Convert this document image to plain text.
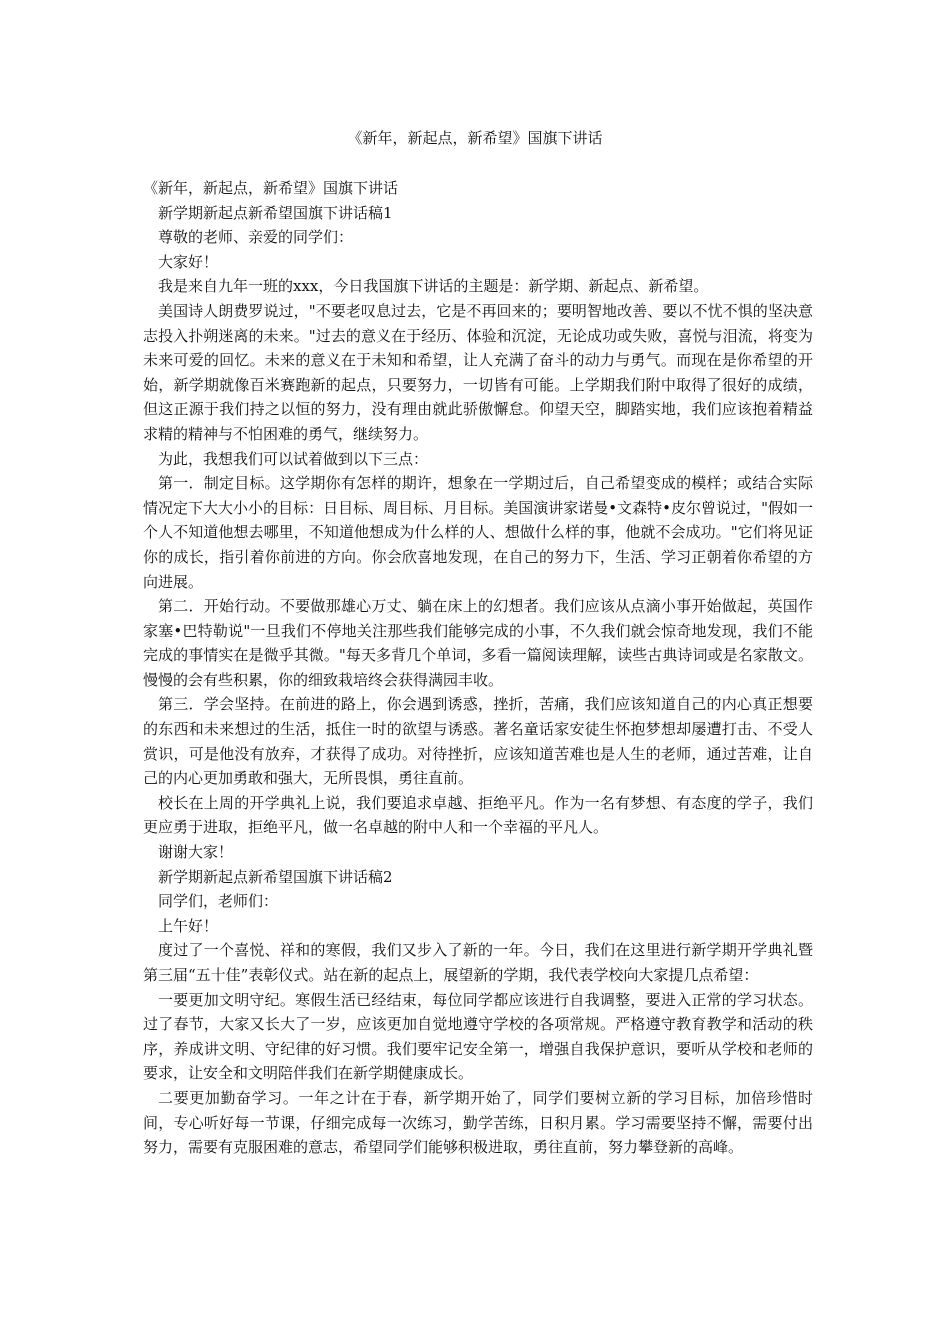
《新年，新起点，新希望》国旗下讲话

《新年，新起点，新希望》国旗下讲话

新学期新起点新希望国旗下讲话稿1

尊敬的老师、亲爱的同学们：

大家好！

我是来自九年一班的xxx，今日我国旗下讲话的主题是：新学期、新起点、新希望。

美国诗人朗费罗说过，"不要老叹息过去，它是不再回来的；要明智地改善、要以不忧不惧的坚决意志投入扑朔迷离的未来。"过去的意义在于经历、体验和沉淀，无论成功或失败，喜悦与泪流，将变为未来可爱的回忆。未来的意义在于未知和希望，让人充满了奋斗的动力与勇气。而现在是你希望的开始，新学期就像百米赛跑新的起点，只要努力，一切皆有可能。上学期我们附中取得了很好的成绩，但这正源于我们持之以恒的努力，没有理由就此骄傲懈怠。仰望天空，脚踏实地，我们应该抱着精益求精的精神与不怕困难的勇气，继续努力。

为此，我想我们可以试着做到以下三点：

第一．制定目标。这学期你有怎样的期许，想象在一学期过后，自己希望变成的模样；或结合实际情况定下大大小小的目标：日目标、周目标、月目标。美国演讲家诺曼•文森特•皮尔曾说过，"假如一个人不知道他想去哪里，不知道他想成为什么样的人、想做什么样的事，他就不会成功。"它们将见证你的成长，指引着你前进的方向。你会欣喜地发现，在自己的努力下，生活、学习正朝着你希望的方向进展。

第二．开始行动。不要做那雄心万丈、躺在床上的幻想者。我们应该从点滴小事开始做起，英国作家塞•巴特勒说"一旦我们不停地关注那些我们能够完成的小事，不久我们就会惊奇地发现，我们不能完成的事情实在是微乎其微。"每天多背几个单词，多看一篇阅读理解，读些古典诗词或是名家散文。慢慢的会有些积累，你的细致栽培终会获得满园丰收。

第三．学会坚持。在前进的路上，你会遇到诱惑，挫折，苦痛，我们应该知道自己的内心真正想要的东西和未来想过的生活，抵住一时的欲望与诱惑。著名童话家安徒生怀抱梦想却屡遭打击、不受人赏识，可是他没有放弃，才获得了成功。对待挫折，应该知道苦难也是人生的老师，通过苦难，让自己的内心更加勇敢和强大，无所畏惧，勇往直前。

校长在上周的开学典礼上说，我们要追求卓越、拒绝平凡。作为一名有梦想、有态度的学子，我们更应勇于进取，拒绝平凡，做一名卓越的附中人和一个幸福的平凡人。

谢谢大家！

新学期新起点新希望国旗下讲话稿2

同学们，老师们：

上午好！

度过了一个喜悦、祥和的寒假，我们又步入了新的一年。今日，我们在这里进行新学期开学典礼暨第三届“五十佳”表彰仪式。站在新的起点上，展望新的学期，我代表学校向大家提几点希望：

一要更加文明守纪。寒假生活已经结束，每位同学都应该进行自我调整，要进入正常的学习状态。过了春节，大家又长大了一岁，应该更加自觉地遵守学校的各项常规。严格遵守教育教学和活动的秩序，养成讲文明、守纪律的好习惯。我们要牢记安全第一，增强自我保护意识，要听从学校和老师的要求，让安全和文明陪伴我们在新学期健康成长。

二要更加勤奋学习。一年之计在于春，新学期开始了，同学们要树立新的学习目标，加倍珍惜时间，专心听好每一节课，仔细完成每一次练习，勤学苦练，日积月累。学习需要坚持不懈，需要付出努力，需要有克服困难的意志，希望同学们能够积极进取，勇往直前，努力攀登新的高峰。
